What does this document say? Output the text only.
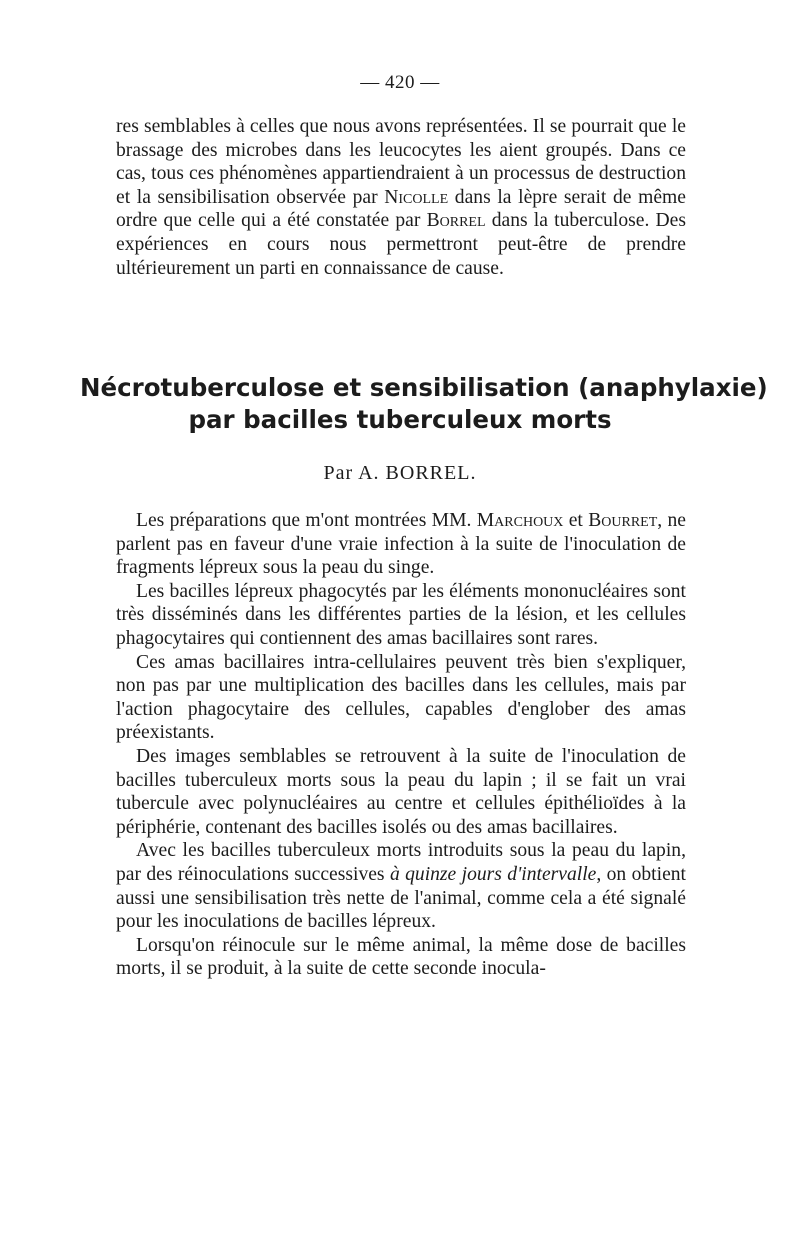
— 420 —

res semblables à celles que nous avons représentées. Il se pourrait que le brassage des microbes dans les leucocytes les aient groupés. Dans ce cas, tous ces phénomènes appartiendraient à un processus de destruction et la sensibilisation observée par Nicolle dans la lèpre serait de même ordre que celle qui a été constatée par Borrel dans la tuberculose. Des expériences en cours nous permettront peut-être de prendre ultérieurement un parti en connaissance de cause.

Nécrotuberculose et sensibilisation (anaphylaxie)
par bacilles tuberculeux morts
Par A. BORREL.

Les préparations que m'ont montrées MM. Marchoux et Bourret, ne parlent pas en faveur d'une vraie infection à la suite de l'inoculation de fragments lépreux sous la peau du singe.

Les bacilles lépreux phagocytés par les éléments mononucléaires sont très disséminés dans les différentes parties de la lésion, et les cellules phagocytaires qui contiennent des amas bacillaires sont rares.

Ces amas bacillaires intra-cellulaires peuvent très bien s'expliquer, non pas par une multiplication des bacilles dans les cellules, mais par l'action phagocytaire des cellules, capables d'englober des amas préexistants.

Des images semblables se retrouvent à la suite de l'inoculation de bacilles tuberculeux morts sous la peau du lapin ; il se fait un vrai tubercule avec polynucléaires au centre et cellules épithélioïdes à la périphérie, contenant des bacilles isolés ou des amas bacillaires.

Avec les bacilles tuberculeux morts introduits sous la peau du lapin, par des réinoculations successives à quinze jours d'intervalle, on obtient aussi une sensibilisation très nette de l'animal, comme cela a été signalé pour les inoculations de bacilles lépreux.

Lorsqu'on réinocule sur le même animal, la même dose de bacilles morts, il se produit, à la suite de cette seconde inocula-
